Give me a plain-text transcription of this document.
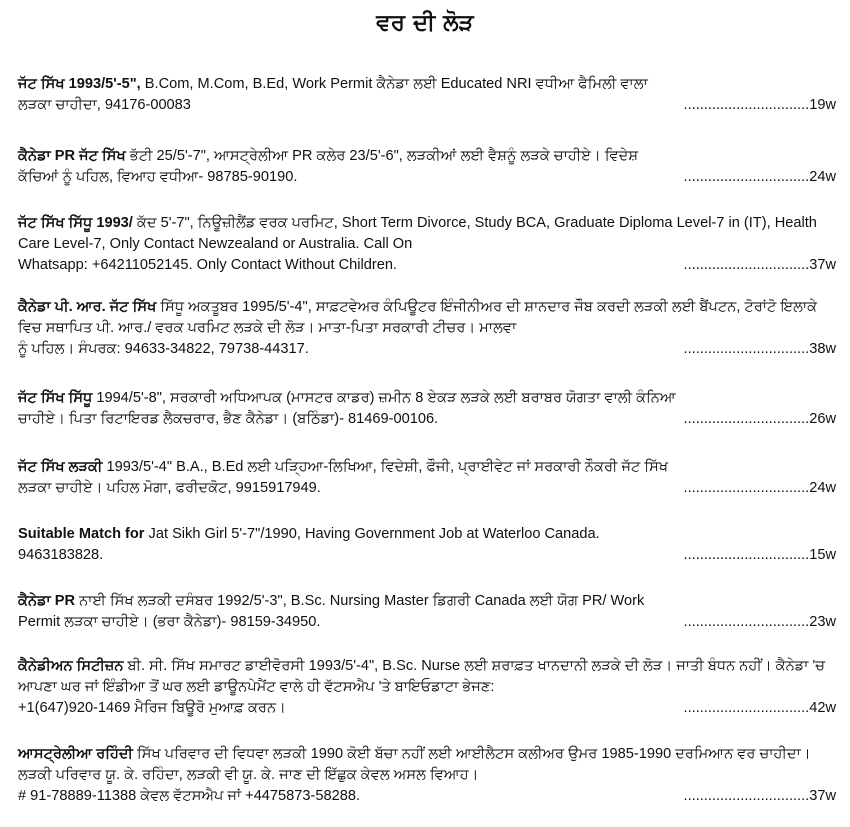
ਵਰ ਦੀ ਲੋੜ
ਜੱਟ ਸਿੱਖ 1993/5'-5", B.Com, M.Com, B.Ed, Work Permit ਕੈਨੇਡਾ ਲਈ Educated NRI ਵਧੀਆ ਫੈਮਿਲੀ ਵਾਲਾ
ਲੜਕਾ ਚਾਹੀਦਾ, 94176-00083	...............................19w
ਕੈਨੇਡਾ PR ਜੱਟ ਸਿੱਖ ਭੱਟੀ 25/5'-7", ਆਸਟ੍ਰੇਲੀਆ PR ਕਲੇਰ 23/5'-6", ਲੜਕੀਆਂ ਲਈ ਵੈਸ਼ਨੂੰ ਲੜਕੇ ਚਾਹੀਏ। ਵਿਦੇਸ਼
ਕੱਚਿਆਂ ਨੂੰ ਪਹਿਲ, ਵਿਆਹ ਵਧੀਆ- 98785-90190.	...............................24w
ਜੱਟ ਸਿੱਖ ਸਿੱਧੂ 1993/ ਕੱਦ 5'-7", ਨਿਊਜ਼ੀਲੈਂਡ ਵਰਕ ਪਰਮਿਟ, Short Term Divorce, Study BCA, Graduate Diploma Level-7 in (IT), Health Care Level-7, Only Contact Newzealand or Australia. Call On
Whatsapp: +64211052145. Only Contact Without Children.	...............................37w
ਕੈਨੇਡਾ ਪੀ. ਆਰ. ਜੱਟ ਸਿੱਖ ਸਿੱਧੂ ਅਕਤੂਬਰ 1995/5'-4", ਸਾਫ਼ਟਵੇਅਰ ਕੰਪਿਊਟਰ ਇੰਜੀਨੀਅਰ ਦੀ ਸ਼ਾਨਦਾਰ ਜੌਬ ਕਰਦੀ ਲੜਕੀ ਲਈ ਬੈਂਪਟਨ, ਟੋਰਾਂਟੋ ਇਲਾਕੇ ਵਿਚ ਸਥਾਪਿਤ ਪੀ. ਆਰ./ ਵਰਕ ਪਰਮਿਟ ਲੜਕੇ ਦੀ ਲੋੜ। ਮਾਤਾ-ਪਿਤਾ ਸਰਕਾਰੀ ਟੀਚਰ। ਮਾਲਵਾ
ਨੂੰ ਪਹਿਲ। ਸੰਪਰਕ: 94633-34822, 79738-44317.	...............................38w
ਜੱਟ ਸਿੱਖ ਸਿੱਧੂ 1994/5'-8", ਸਰਕਾਰੀ ਅਧਿਆਪਕ (ਮਾਸਟਰ ਕਾਡਰ) ਜ਼ਮੀਨ 8 ਏਕੜ ਲੜਕੇ ਲਈ ਬਰਾਬਰ ਯੋਗਤਾ ਵਾਲੀ ਕੰਨਿਆ
ਚਾਹੀਏ। ਪਿਤਾ ਰਿਟਾਇਰਡ ਲੈਕਚਰਾਰ, ਭੈਣ ਕੈਨੇਡਾ। (ਬਠਿੰਡਾ)- 81469-00106.	...............................26w
ਜੱਟ ਸਿੱਖ ਲੜਕੀ 1993/5'-4" B.A., B.Ed ਲਈ ਪੜ੍ਹਿਆ-ਲਿਖਿਆ, ਵਿਦੇਸ਼ੀ, ਫੌਜੀ, ਪ੍ਰਾਈਵੇਟ ਜਾਂ ਸਰਕਾਰੀ ਨੌਕਰੀ ਜੱਟ ਸਿੱਖ
ਲੜਕਾ ਚਾਹੀਏ। ਪਹਿਲ ਮੋਗਾ, ਫਰੀਦਕੋਟ, 9915917949.	...............................24w
Suitable Match for Jat Sikh Girl 5'-7"/1990, Having Government Job at Waterloo Canada.
9463183828.	...............................15w
ਕੈਨੇਡਾ PR ਨਾਈ ਸਿੱਖ ਲੜਕੀ ਦਸੰਬਰ 1992/5'-3", B.Sc. Nursing Master ਡਿਗਰੀ Canada ਲਈ ਯੋਗ PR/ Work
Permit ਲੜਕਾ ਚਾਹੀਏ। (ਭਰਾ ਕੈਨੇਡਾ)- 98159-34950.	...............................23w
ਕੈਨੇਡੀਅਨ ਸਿਟੀਜ਼ਨ ਬੀ. ਸੀ. ਸਿੱਖ ਸਮਾਰਟ ਡਾਈਵੋਰਸੀ 1993/5'-4", B.Sc. Nurse ਲਈ ਸ਼ਰਾਫ਼ਤ ਖਾਨਦਾਨੀ ਲੜਕੇ ਦੀ ਲੋੜ। ਜਾਤੀ ਬੰਧਨ ਨਹੀਂ। ਕੈਨੇਡਾ 'ਚ ਆਪਣਾ ਘਰ ਜਾਂ ਇੰਡੀਆ ਤੋਂ ਘਰ ਲਈ ਡਾਊਨਪੇਮੈਂਟ ਵਾਲੇ ਹੀ ਵੱਟਸਐਪ 'ਤੇ ਬਾਇਓਡਾਟਾ ਭੇਜਣ:
+1(647)920-1469 ਮੈਰਿਜ ਬਿਊਰੋ ਮੁਆਫ਼ ਕਰਨ।	...............................42w
ਆਸਟ੍ਰੇਲੀਆ ਰਹਿੰਦੀ ਸਿੱਖ ਪਰਿਵਾਰ ਦੀ ਵਿਧਵਾ ਲੜਕੀ 1990 ਕੋਈ ਬੱਚਾ ਨਹੀਂ ਲਈ ਆਈਲੈਟਸ ਕਲੀਅਰ ਉਮਰ 1985-1990 ਦਰਮਿਆਨ ਵਰ ਚਾਹੀਦਾ। ਲੜਕੀ ਪਰਿਵਾਰ ਯੂ. ਕੇ. ਰਹਿੰਦਾ, ਲੜਕੀ ਵੀ ਯੂ. ਕੇ. ਜਾਣ ਦੀ ਇੱਛੁਕ ਕੇਵਲ ਅਸਲ ਵਿਆਹ।
# 91-78889-11388 ਕੇਵਲ ਵੱਟਸਐਪ ਜਾਂ +4475873-58288.	...............................37w
